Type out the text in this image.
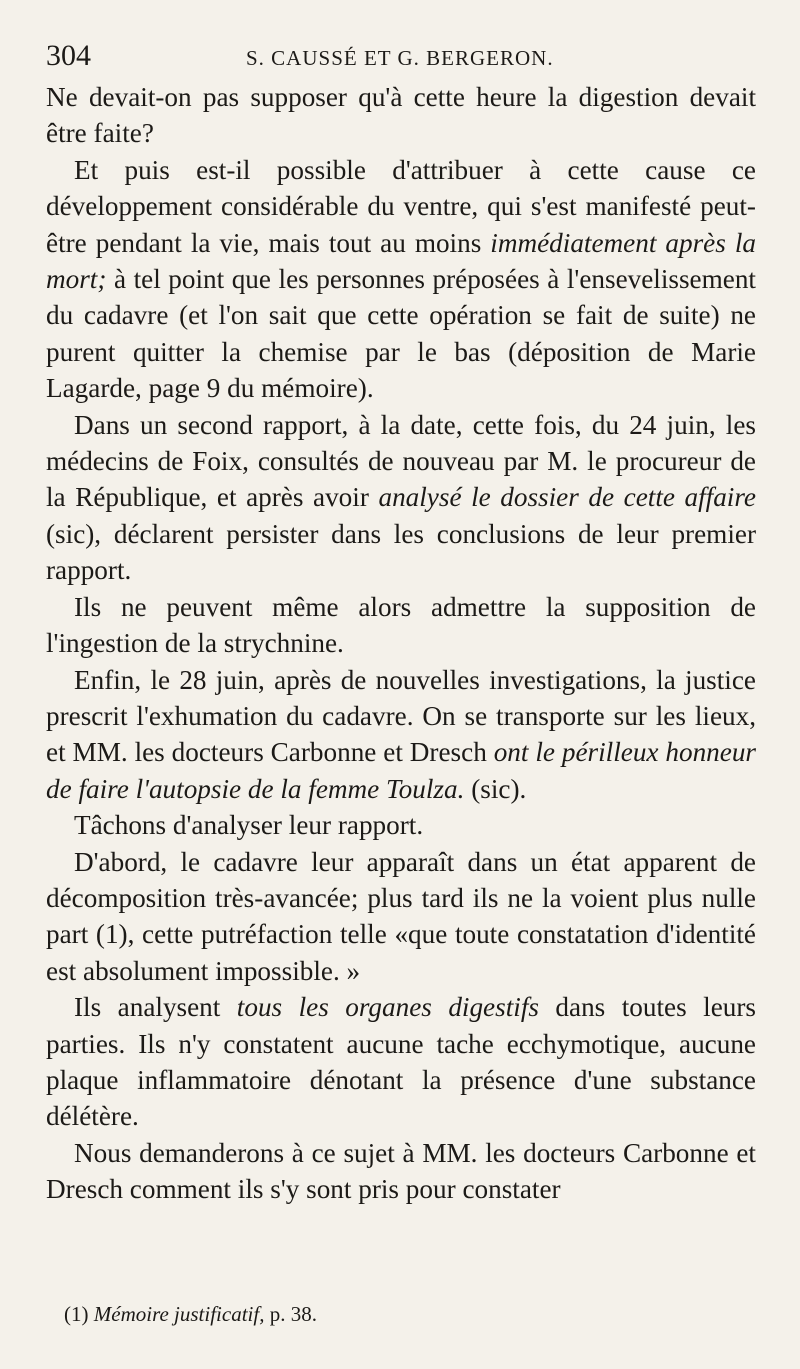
304	S. CAUSSÉ ET G. BERGERON.

Ne devait-on pas supposer qu'à cette heure la digestion devait être faite?

Et puis est-il possible d'attribuer à cette cause ce développement considérable du ventre, qui s'est manifesté peut-être pendant la vie, mais tout au moins immédiatement après la mort; à tel point que les personnes préposées à l'ensevelissement du cadavre (et l'on sait que cette opération se fait de suite) ne purent quitter la chemise par le bas (déposition de Marie Lagarde, page 9 du mémoire).

Dans un second rapport, à la date, cette fois, du 24 juin, les médecins de Foix, consultés de nouveau par M. le procureur de la République, et après avoir analysé le dossier de cette affaire (sic), déclarent persister dans les conclusions de leur premier rapport.

Ils ne peuvent même alors admettre la supposition de l'ingestion de la strychnine.

Enfin, le 28 juin, après de nouvelles investigations, la justice prescrit l'exhumation du cadavre. On se transporte sur les lieux, et MM. les docteurs Carbonne et Dresch ont le périlleux honneur de faire l'autopsie de la femme Toulza. (sic).

Tâchons d'analyser leur rapport.

D'abord, le cadavre leur apparaît dans un état apparent de décomposition très-avancée; plus tard ils ne la voient plus nulle part (1), cette putréfaction telle «que toute constatation d'identité est absolument impossible. »

Ils analysent tous les organes digestifs dans toutes leurs parties. Ils n'y constatent aucune tache ecchymotique, aucune plaque inflammatoire dénotant la présence d'une substance délétère.

Nous demanderons à ce sujet à MM. les docteurs Carbonne et Dresch comment ils s'y sont pris pour constater

(1) Mémoire justificatif, p. 38.
